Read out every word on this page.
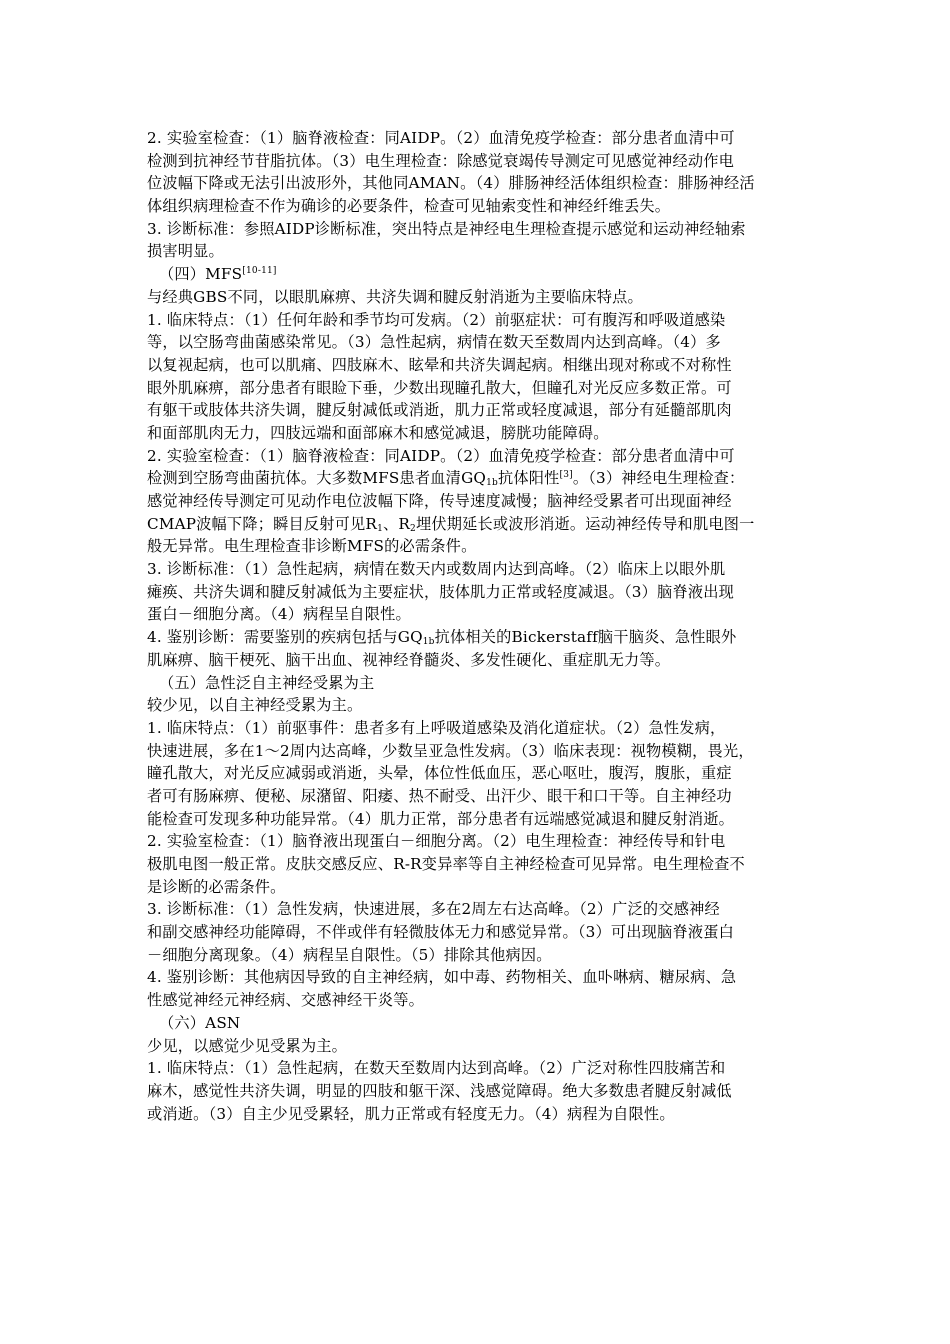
2. 实验室检查：（1）脑脊液检查：同AIDP。（2）血清免疫学检查：部分患者血清中可
检测到抗神经节苷脂抗体。（3）电生理检查：除感觉衰竭传导测定可见感觉神经动作电
位波幅下降或无法引出波形外，其他同AMAN。（4）腓肠神经活体组织检查：腓肠神经活
体组织病理检查不作为确诊的必要条件，检查可见轴索变性和神经纤维丢失。
3. 诊断标准：参照AIDP诊断标准，突出特点是神经电生理检查提示感觉和运动神经轴索
损害明显。
（四）MFS[10-11]
与经典GBS不同，以眼肌麻痹、共济失调和腱反射消逝为主要临床特点。
1. 临床特点：（1）任何年龄和季节均可发病。（2）前驱症状：可有腹泻和呼吸道感染
等，以空肠弯曲菌感染常见。（3）急性起病，病情在数天至数周内达到高峰。（4）多
以复视起病，也可以肌痛、四肢麻木、眩晕和共济失调起病。相继出现对称或不对称性
眼外肌麻痹，部分患者有眼睑下垂，少数出现瞳孔散大，但瞳孔对光反应多数正常。可
有躯干或肢体共济失调，腱反射减低或消逝，肌力正常或轻度减退，部分有延髓部肌肉
和面部肌肉无力，四肢远端和面部麻木和感觉减退，膀胱功能障碍。
2. 实验室检查：（1）脑脊液检查：同AIDP。（2）血清免疫学检查：部分患者血清中可
检测到空肠弯曲菌抗体。大多数MFS患者血清$GQ_{1b}$抗体阳性[3]。（3）神经电生理检查：
感觉神经传导测定可见动作电位波幅下降，传导速度减慢；脑神经受累者可出现面神经
CMAP波幅下降；瞬目反射可见$R_1$、$R_2$埋伏期延长或波形消逝。运动神经传导和肌电图一
般无异常。电生理检查非诊断MFS的必需条件。
3. 诊断标准：（1）急性起病，病情在数天内或数周内达到高峰。（2）临床上以眼外肌
瘫痪、共济失调和腱反射减低为主要症状，肢体肌力正常或轻度减退。（3）脑脊液出现
蛋白－细胞分离。（4）病程呈自限性。
4. 鉴别诊断：需要鉴别的疾病包括与$GQ_{1b}$抗体相关的Bickerstaff脑干脑炎、急性眼外
肌麻痹、脑干梗死、脑干出血、视神经脊髓炎、多发性硬化、重症肌无力等。
（五）急性泛自主神经受累为主
较少见，以自主神经受累为主。
1. 临床特点：（1）前驱事件：患者多有上呼吸道感染及消化道症状。（2）急性发病，
快速进展，多在1～2周内达高峰，少数呈亚急性发病。（3）临床表现：视物模糊，畏光，
瞳孔散大，对光反应减弱或消逝，头晕，体位性低血压，恶心呕吐，腹泻，腹胀，重症
者可有肠麻痹、便秘、尿潴留、阳痿、热不耐受、出汗少、眼干和口干等。自主神经功
能检查可发现多种功能异常。（4）肌力正常，部分患者有远端感觉减退和腱反射消逝。
2. 实验室检查：（1）脑脊液出现蛋白－细胞分离。（2）电生理检查：神经传导和针电
极肌电图一般正常。皮肤交感反应、R-R变异率等自主神经检查可见异常。电生理检查不
是诊断的必需条件。
3. 诊断标准：（1）急性发病，快速进展，多在2周左右达高峰。（2）广泛的交感神经
和副交感神经功能障碍，不伴或伴有轻微肢体无力和感觉异常。（3）可出现脑脊液蛋白
－细胞分离现象。（4）病程呈自限性。（5）排除其他病因。
4. 鉴别诊断：其他病因导致的自主神经病，如中毒、药物相关、血卟啉病、糖尿病、急
性感觉神经元神经病、交感神经干炎等。
（六）ASN
少见，以感觉少见受累为主。
1. 临床特点：（1）急性起病，在数天至数周内达到高峰。（2）广泛对称性四肢痛苦和
麻木，感觉性共济失调，明显的四肢和躯干深、浅感觉障碍。绝大多数患者腱反射减低
或消逝。（3）自主少见受累轻，肌力正常或有轻度无力。（4）病程为自限性。
